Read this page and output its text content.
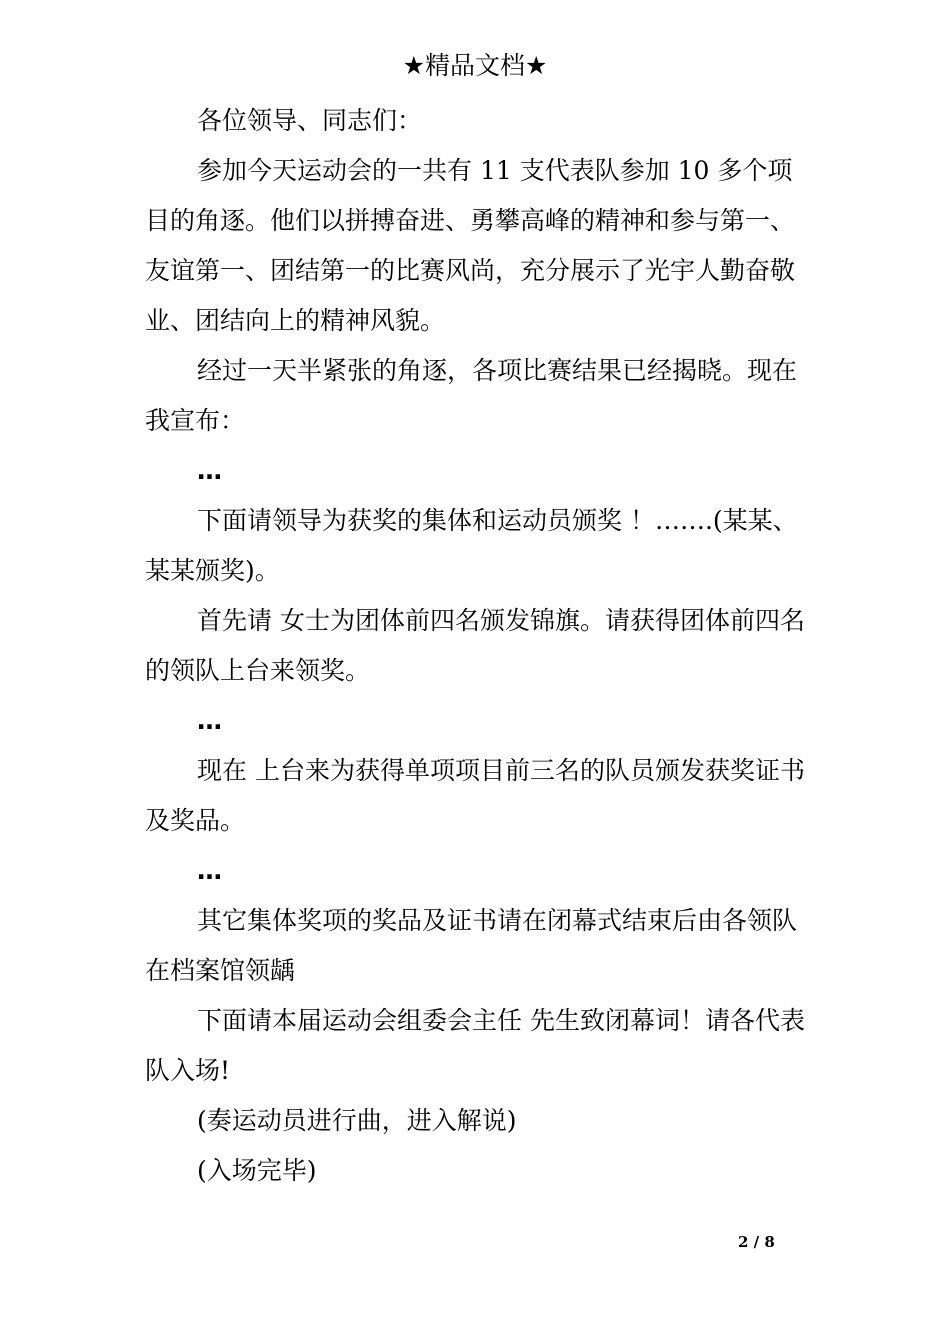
★精品文档★

各位领导、同志们：

参加今天运动会的一共有 11 支代表队参加 10 多个项目的角逐。他们以拼搏奋进、勇攀高峰的精神和参与第一、友谊第一、团结第一的比赛风尚，充分展示了光宇人勤奋敬业、团结向上的精神风貌。

经过一天半紧张的角逐，各项比赛结果已经揭晓。现在我宣布：

…

下面请领导为获奖的集体和运动员颁奖 ！…….(某某、某某颁奖)。

首先请 女士为团体前四名颁发锦旗。请获得团体前四名的领队上台来领奖。

…

现在 上台来为获得单项项目前三名的队员颁发获奖证书及奖品。

…

其它集体奖项的奖品及证书请在闭幕式结束后由各领队在档案馆领龋

下面请本届运动会组委会主任 先生致闭幕词！请各代表队入场!

(奏运动员进行曲，进入解说)

(入场完毕)

2 / 8
